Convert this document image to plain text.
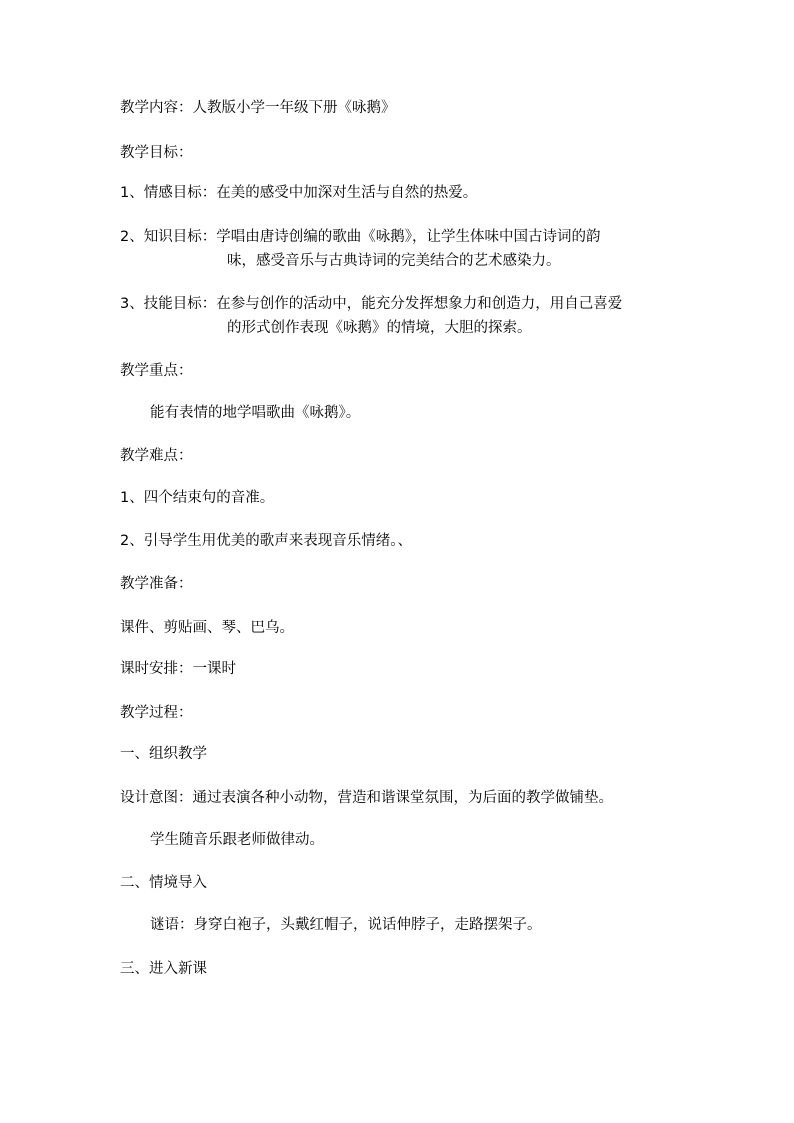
教学内容：人教版小学一年级下册《咏鹅》
教学目标：
1、情感目标：在美的感受中加深对生活与自然的热爱。
2、知识目标：学唱由唐诗创编的歌曲《咏鹅》，让学生体味中国古诗词的韵
味，感受音乐与古典诗词的完美结合的艺术感染力。
3、技能目标：在参与创作的活动中，能充分发挥想象力和创造力，用自己喜爱
的形式创作表现《咏鹅》的情境，大胆的探索。
教学重点：
能有表情的地学唱歌曲《咏鹅》。
教学难点：
1、四个结束句的音准。
2、引导学生用优美的歌声来表现音乐情绪。、
教学准备：
课件、剪贴画、琴、巴乌。
课时安排：一课时
教学过程：
一、组织教学
设计意图：通过表演各种小动物，营造和谐课堂氛围，为后面的教学做铺垫。
学生随音乐跟老师做律动。
二、情境导入
谜语：身穿白袍子，头戴红帽子，说话伸脖子，走路摆架子。
三、进入新课
